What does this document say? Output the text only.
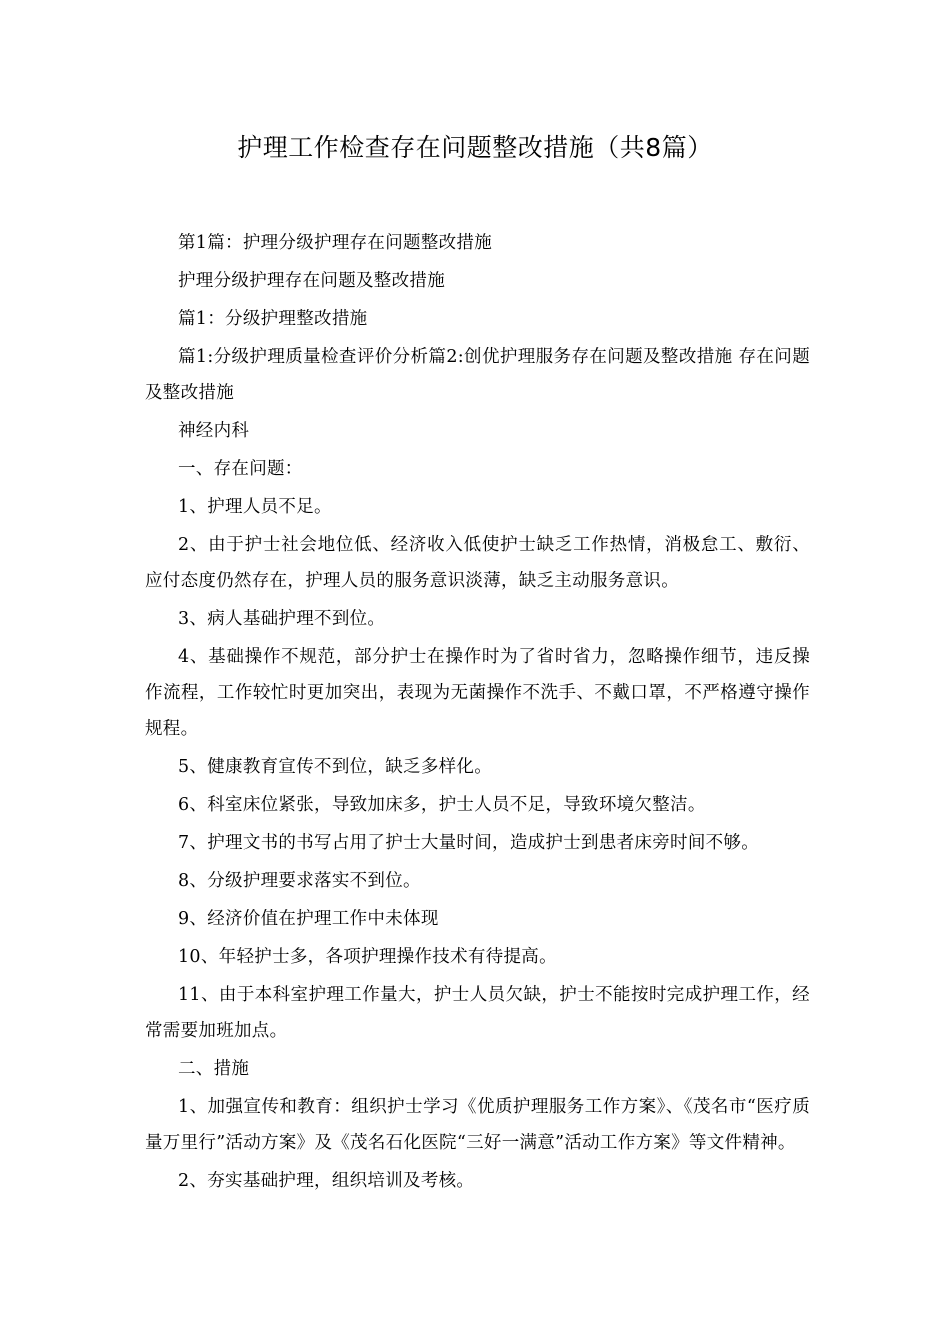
护理工作检查存在问题整改措施（共8篇）

第1篇：护理分级护理存在问题整改措施

护理分级护理存在问题及整改措施

篇1：分级护理整改措施

篇1:分级护理质量检查评价分析篇2:创优护理服务存在问题及整改措施 存在问题及整改措施

神经内科

一、存在问题：

1、护理人员不足。

2、由于护士社会地位低、经济收入低使护士缺乏工作热情，消极怠工、敷衍、应付态度仍然存在，护理人员的服务意识淡薄，缺乏主动服务意识。

3、病人基础护理不到位。

4、基础操作不规范，部分护士在操作时为了省时省力，忽略操作细节，违反操作流程，工作较忙时更加突出，表现为无菌操作不洗手、不戴口罩，不严格遵守操作规程。

5、健康教育宣传不到位，缺乏多样化。

6、科室床位紧张，导致加床多，护士人员不足，导致环境欠整洁。

7、护理文书的书写占用了护士大量时间，造成护士到患者床旁时间不够。

8、分级护理要求落实不到位。

9、经济价值在护理工作中未体现

10、年轻护士多，各项护理操作技术有待提高。

11、由于本科室护理工作量大，护士人员欠缺，护士不能按时完成护理工作，经常需要加班加点。

二、措施

1、加强宣传和教育：组织护士学习《优质护理服务工作方案》、《茂名市“医疗质量万里行”活动方案》及《茂名石化医院“三好一满意”活动工作方案》等文件精神。

2、夯实基础护理，组织培训及考核。
